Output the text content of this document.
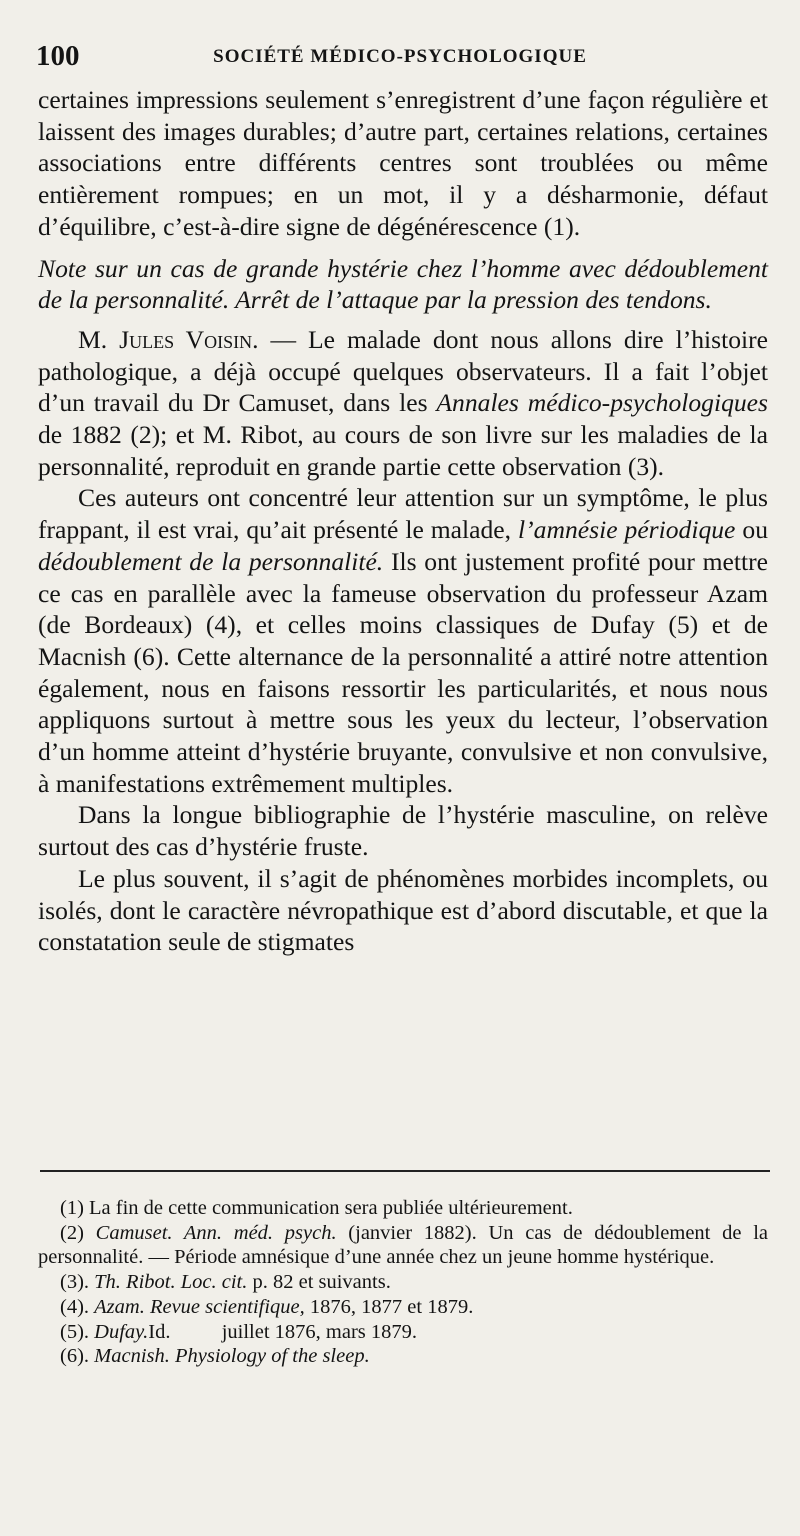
100	SOCIÉTÉ MÉDICO-PSYCHOLOGIQUE

certaines impressions seulement s’enregistrent d’une façon régulière et laissent des images durables; d’autre part, certaines relations, certaines associations entre différents centres sont troublées ou même entièrement rompues; en un mot, il y a désharmonie, défaut d’équilibre, c’est-à-dire signe de dégénérescence (1).

Note sur un cas de grande hystérie chez l’homme avec dédoublement de la personnalité. Arrêt de l’attaque par la pression des tendons.

M. Jules Voisin. — Le malade dont nous allons dire l’histoire pathologique, a déjà occupé quelques observateurs. Il a fait l’objet d’un travail du Dr Camuset, dans les Annales médico-psychologiques de 1882 (2); et M. Ribot, au cours de son livre sur les maladies de la personnalité, reproduit en grande partie cette observation (3).

Ces auteurs ont concentré leur attention sur un symptôme, le plus frappant, il est vrai, qu’ait présenté le malade, l’amnésie périodique ou dédoublement de la personnalité. Ils ont justement profité pour mettre ce cas en parallèle avec la fameuse observation du professeur Azam (de Bordeaux) (4), et celles moins classiques de Dufay (5) et de Macnish (6). Cette alternance de la personnalité a attiré notre attention également, nous en faisons ressortir les particularités, et nous nous appliquons surtout à mettre sous les yeux du lecteur, l’observation d’un homme atteint d’hystérie bruyante, convulsive et non convulsive, à manifestations extrêmement multiples.

Dans la longue bibliographie de l’hystérie masculine, on relève surtout des cas d’hystérie fruste.

Le plus souvent, il s’agit de phénomènes morbides incomplets, ou isolés, dont le caractère névropathique est d’abord discutable, et que la constatation seule de stigmates

(1) La fin de cette communication sera publiée ultérieurement.

(2) Camuset. Ann. méd. psych. (janvier 1882). Un cas de dédoublement de la personnalité. — Période amnésique d’une année chez un jeune homme hystérique.

(3). Th. Ribot. Loc. cit. p. 82 et suivants.

(4). Azam. Revue scientifique, 1876, 1877 et 1879.

(5). Dufay.Id.          juillet 1876, mars 1879.

(6). Macnish. Physiology of the sleep.
